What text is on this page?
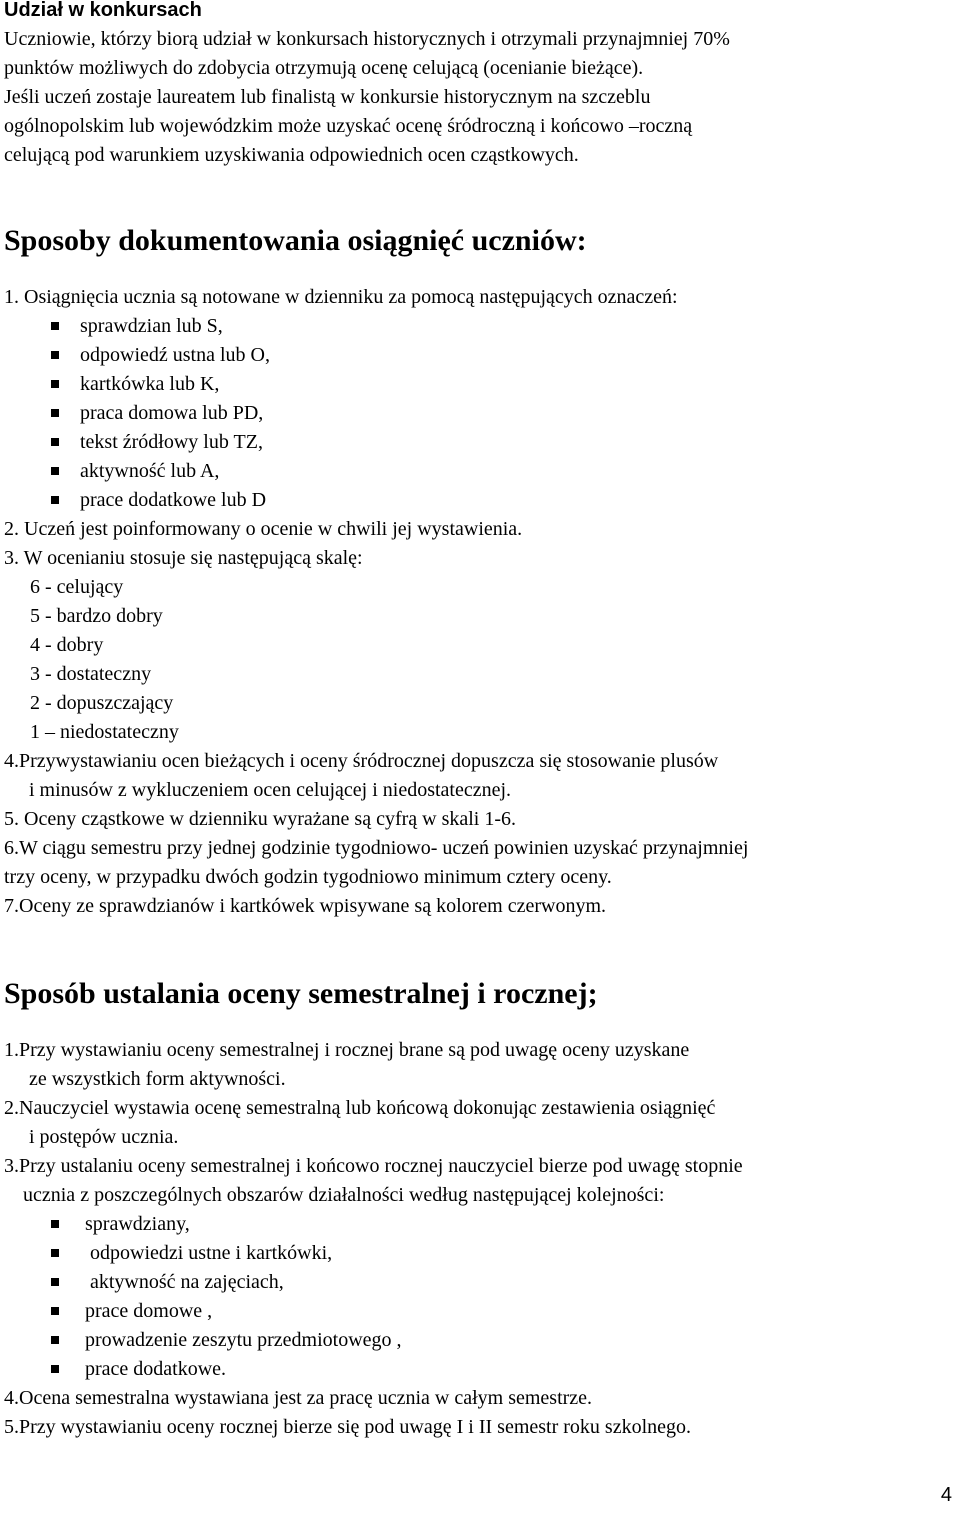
Udział w konkursach

Uczniowie, którzy biorą udział w konkursach historycznych i otrzymali przynajmniej 70%

punktów możliwych do zdobycia otrzymują ocenę celującą (ocenianie bieżące).

Jeśli uczeń zostaje laureatem lub finalistą w konkursie historycznym na szczeblu

ogólnopolskim lub wojewódzkim może uzyskać ocenę śródroczną i końcowo –roczną

celującą pod warunkiem uzyskiwania odpowiednich ocen cząstkowych.

Sposoby dokumentowania osiągnięć uczniów:

1. Osiągnięcia ucznia są notowane w dzienniku za pomocą następujących oznaczeń:

sprawdzian lub S,
odpowiedź ustna lub O,
kartkówka lub K,
praca domowa lub PD,
tekst źródłowy lub TZ,
aktywność lub A,
prace dodatkowe lub D

2. Uczeń jest poinformowany o ocenie w chwili jej wystawienia.

3. W ocenianiu stosuje się następującą skalę:

6 - celujący

5 - bardzo dobry

4 - dobry

3 - dostateczny

2 - dopuszczający

1 – niedostateczny

4.Przywystawianiu ocen bieżących i oceny śródrocznej dopuszcza się stosowanie plusów

i minusów z wykluczeniem ocen celującej i niedostatecznej.

5. Oceny cząstkowe w dzienniku wyrażane są cyfrą w skali 1-6.

6.W ciągu semestru przy jednej godzinie tygodniowo- uczeń powinien uzyskać przynajmniej

trzy oceny, w przypadku dwóch godzin tygodniowo minimum cztery oceny.

7.Oceny ze sprawdzianów i kartkówek wpisywane są kolorem czerwonym.

Sposób ustalania oceny semestralnej i rocznej;

1.Przy wystawianiu oceny semestralnej i rocznej brane są pod uwagę oceny uzyskane

ze wszystkich form aktywności.

2.Nauczyciel wystawia ocenę semestralną lub końcową dokonując zestawienia osiągnięć

i postępów ucznia.

3.Przy ustalaniu oceny semestralnej i końcowo rocznej nauczyciel bierze pod uwagę stopnie

ucznia z poszczególnych obszarów działalności według następującej kolejności:

sprawdziany,
odpowiedzi ustne i kartkówki,
aktywność na zajęciach,
prace domowe ,
prowadzenie zeszytu przedmiotowego ,
prace dodatkowe.

4.Ocena semestralna wystawiana jest za pracę ucznia w całym semestrze.

5.Przy wystawianiu oceny rocznej bierze się pod uwagę I i II semestr roku szkolnego.

4
